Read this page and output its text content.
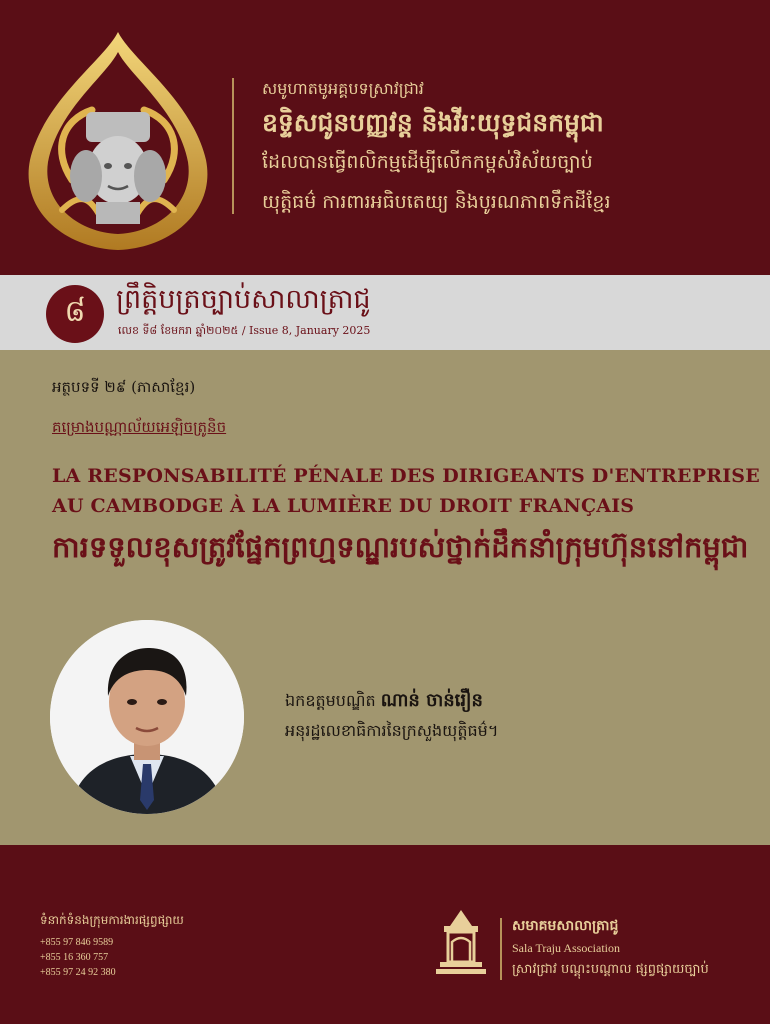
សមូហាតមូអគ្គបទស្រាវជ្រាវ
ឧទ្ទិសជូនបញ្ញវន្ត និងវីរៈយុទ្ធជនកម្ពុជា
ដែលបានធ្វើពលិកម្មដើម្បីលើកកម្ពស់វិស័យច្បាប់
យុត្តិធម៌ ការពារអធិបតេយ្យ និងបូរណភាពទឹកដីខ្មែរ
៨	ព្រឹត្តិបត្រច្បាប់សាលាត្រាជូ
លេខ ទី៨ ខែមករា ឆ្នាំ២០២៥ / Issue 8, January 2025
អត្ថបទទី ២៩ (ភាសាខ្មែរ)
គម្រោងបណ្ណាល័យអេឡិចត្រូនិច
LA RESPONSABILITÉ PÉNALE DES DIRIGEANTS D'ENTREPRISE
AU CAMBODGE À LA LUMIÈRE DU DROIT FRANÇAIS
ការទទួលខុសត្រូវផ្នែកព្រហ្មទណ្ឌរបស់ថ្នាក់ដឹកនាំក្រុមហ៊ុននៅកម្ពុជា
ឯកឧត្តមបណ្ឌិត ណាន់ ចាន់រឿន
អនុរដ្ឋលេខាធិការនៃក្រសួងយុត្តិធម៌។
ទំនាក់ទំនងក្រុមការងារផ្សព្វផ្សាយ
+855 97 846 9589
+855 16 360 757
+855 97 24 92 380
សមាគមសាលាត្រាជូ
Sala Traju Association
ស្រាវជ្រាវ បណ្តុះបណ្តាល ផ្សព្វផ្សាយច្បាប់
